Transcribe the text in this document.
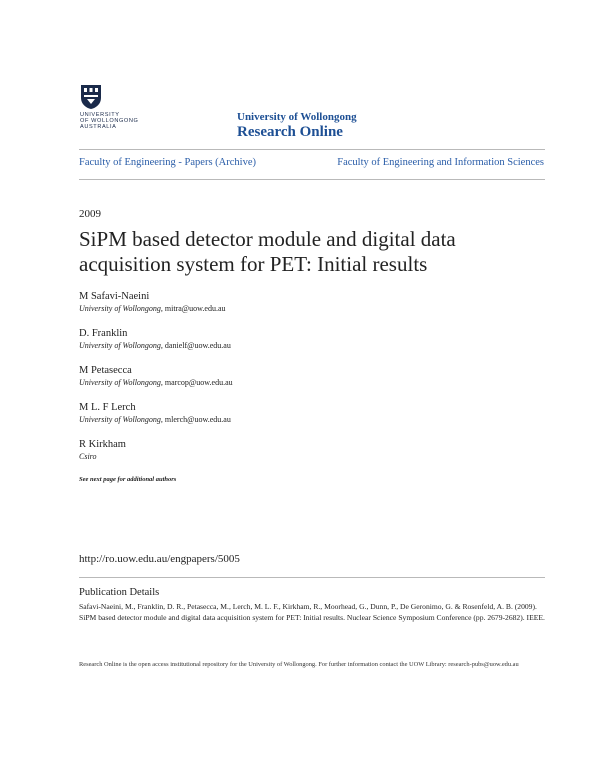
UNIVERSITY
OF WOLLONGONG
AUSTRALIA
University of Wollongong
Research Online
Faculty of Engineering - Papers (Archive)	Faculty of Engineering and Information Sciences
2009
SiPM based detector module and digital data acquisition system for PET: Initial results
M Safavi-Naeini
University of Wollongong, mitra@uow.edu.au
D. Franklin
University of Wollongong, danielf@uow.edu.au
M Petasecca
University of Wollongong, marcop@uow.edu.au
M L. F Lerch
University of Wollongong, mlerch@uow.edu.au
R Kirkham
Csiro
See next page for additional authors
http://ro.uow.edu.au/engpapers/5005
Publication Details
Safavi-Naeini, M., Franklin, D. R., Petasecca, M., Lerch, M. L. F., Kirkham, R., Moorhead, G., Dunn, P., De Geronimo, G. & Rosenfeld, A. B. (2009). SiPM based detector module and digital data acquisition system for PET: Initial results. Nuclear Science Symposium Conference (pp. 2679-2682). IEEE.
Research Online is the open access institutional repository for the University of Wollongong. For further information contact the UOW Library: research-pubs@uow.edu.au
